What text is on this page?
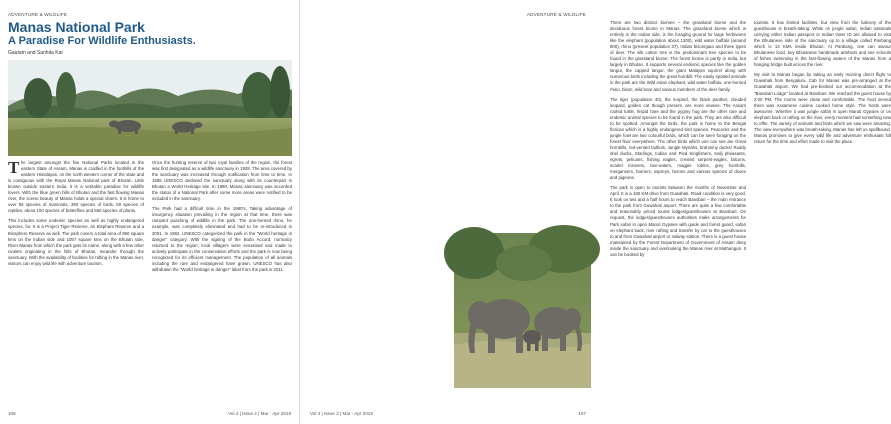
ADVENTURE & WILDLIFE
Manas National Park
A Paradise For Wildlife Enthusiasts.
Gautam and Sanhita Kar

The largest amongst the five National Parks located in the eastern State of Assam, Manas is cradled in the foothills of the eastern Himalayas, on the north western corner of the state and is contiguous with the Royal Manas National park of Bhutan. Little known outside eastern India, it is a veritable paradise for wildlife lovers. With the blue green hills of Bhutan and the fast flowing Manas river, the scenic beauty of Manas holds a special charm. It is home to over 55 species of mammals, 380 species of birds, 50 species of reptiles, about 100 species of butterflies and 550 species of plants.

This includes some endemic species as well as highly endangered species, for, It is a Project Tiger Reserve, an Elephant Reserve and a Biosphere Reserve as well. The park covers a total area of 950 square kms on the Indian side and 1057 square kms on the Bhutan side, River Manas from which the park gets its name, along with a few other rivulets originating in the hills of Bhutan, meander through the sanctuary. With the availability of facilities for rafting in the Manas river, visitors can enjoy wild life with adventure tourism.

Once the hunting reserve of two royal families of the region, the forest was first designated as a wildlife sanctuary in 1928. The area covered by the sanctuary was increased through notification from time to time. In 1985 UNESCO declared the sanctuary along with its counterpart in Bhutan a World Heritage site. In 1990, Manas sanctuary was accorded the status of a National Park after some more areas were notified to be included in the sanctuary.

The Park had a difficult time in the 1980's. Taking advantage of insurgency situation prevailing in the region at that time, there was rampant poaching of wildlife in the park. The one-horned rhino, for example, was completely eliminated and had to be re-introduced in 2001. In 1992, UNESCO categorized the park in the "World heritage in danger" category. With the signing of the Bodo Accord, normalcy returned to the region; local villagers were sensitised and made to actively participate in the conservation efforts and the park is now being recognized for its efficient management. The population of all animals including the rare and endangered have grown. UNESCO has also withdrawn the "World heritage in danger" label from the park in 2011.

106	Vol 4 | Issue 2 | Mar - Apr 2019
ADVENTURE & WILDLIFE

There are two distinct biomes – the grassland biome and the deciduous forest biome in Manas. The grassland biome which is entirely in the Indian side, is the foraging ground for large herbivores like the elephant (population about 1300), wild water buffalo (around 800), rhino (present population 37), Indian bison/gaur and three types of deer. The silk cotton tree is the predominant tree species to be found in the grassland biome. The forest biome is partly in India, but largely in Bhutan. It supports several endemic species like the golden langur, the capped langur, the giant Malayan squirrel along with numerous birds including the great hornbill. The easily spotted animals in the park are the Wild Asian elephant, wild water buffalo, one-horned rhino, bison, wild boar and various members of the deer family.

The tiger (population 40), the leopard, the black panther, clouded leopard, golden cat though present, are more elusive. The Assam roofed turtle, hispid hare and the pygmy hog are the other rare and endemic animal species to be found in the park. They are also difficult to be spotted. Amongst the birds, the park is home to the Bengal florican which is a highly endangered bird species. Peacocks and the jungle fowl are two colourful birds, which can be seen foraging on the forest floor everywhere. The other birds which one can see are Great hornbills, red-vented bulbuls, Jungle Mynahs, brahminy ducks/ Ruddy shel ducks, Starlings, Indian and Pied Kingfishers, Kalij pheasants, egrets, pelicans, fishing eagles, crested serpent-eagles, falcons, scarlet minivets, bee-eaters, magpie robins, grey hornbills, mergansers, harriers, ospreys, herons and various species of doves and pigeons.

The park is open to tourists between the months of November and April. It is a 180 KM drive from Guwahati. Road condition is very good. It took us two and a half hours to reach Bansbari – the main entrance to the park from Guwahati airport. There are quite a few comfortable and reasonably priced tourist lodges/guesthouses at Bansbari. On request, the lodges/guesthouses authorities make arrangements for Park safari in open Maruti Gypsies with guide and forest guard, safari on elephant back, river rafting and transfer by car to the guesthouses to and from Guwahati airport or railway station. There is a guest house maintained by the Forest Department of Government of Assam deep inside the sanctuary and overlooking the Manas river at Mathanguri. It can be booked by

tourists. It has limited facilities, but view from the balcony of the guesthouse is breath-taking. While on jungle safari, Indian nationals carrying either Indian passport or Indian Voter ID are allowed to visit the Bhutanese side of the sanctuary up to a village called Panbang which is 13 KMs inside Bhutan. At Panbang, one can savour Bhutanese food, buy Bhutanese handmade artefacts and see schools of fishes swimming in the fast-flowing waters of the Manas from a hanging bridge built across the river.

My visit to Manas began by taking an early morning direct flight to Guwahati from Bengaluru. Cab for Manas was pre-arranged at the Guwahati airport. We had pre-booked our accommodation at the "Bansbari Lodge" located at Bansbari. We reached the guest house by 2:00 PM. The rooms were clean and comfortable. The food served there was Assamese cuisine cooked home style. The hosts were awesome. Whether it was jungle safari in open Maruti Gypsies or on elephant back or rafting on the river, every moment had something new to offer. The variety of animals and birds which we saw were amazing. The view everywhere was breath-taking. Manas has left us spellbound. Manas promises to give every wild life and adventure enthusiast full return for the time and effort made to visit the place.

Vol 4 | Issue 2 | Mar - Apr 2019	107
